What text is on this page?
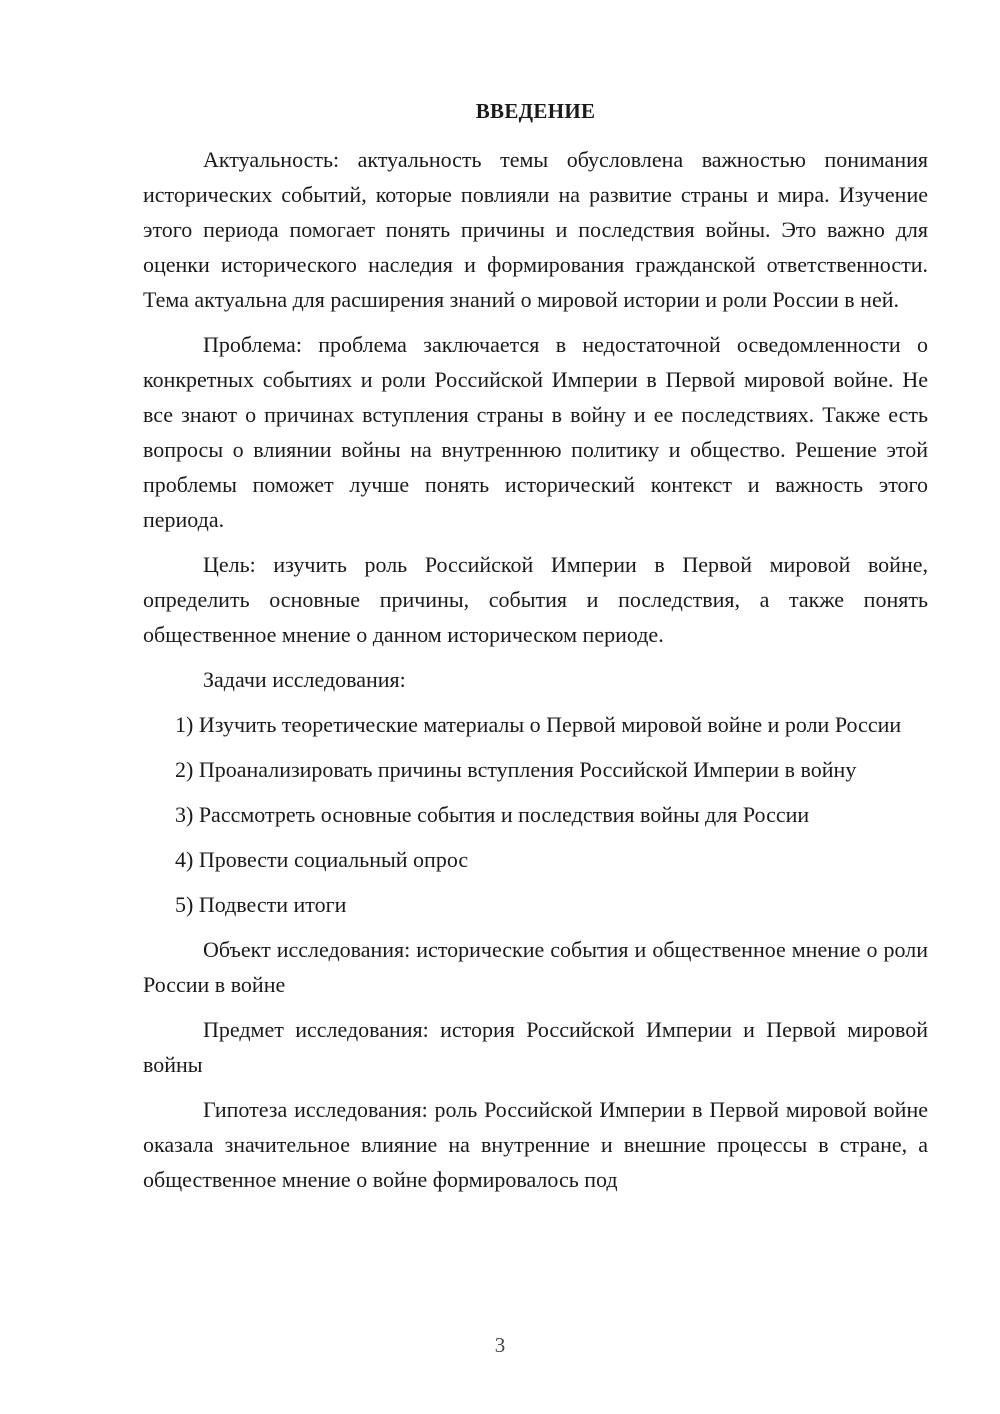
ВВЕДЕНИЕ

Актуальность: актуальность темы обусловлена важностью понимания исторических событий, которые повлияли на развитие страны и мира. Изучение этого периода помогает понять причины и последствия войны. Это важно для оценки исторического наследия и формирования гражданской ответственности. Тема актуальна для расширения знаний о мировой истории и роли России в ней.

Проблема: проблема заключается в недостаточной осведомленности о конкретных событиях и роли Российской Империи в Первой мировой войне. Не все знают о причинах вступления страны в войну и ее последствиях. Также есть вопросы о влиянии войны на внутреннюю политику и общество. Решение этой проблемы поможет лучше понять исторический контекст и важность этого периода.

Цель: изучить роль Российской Империи в Первой мировой войне, определить основные причины, события и последствия, а также понять общественное мнение о данном историческом периоде.

Задачи исследования:

1) Изучить теоретические материалы о Первой мировой войне и роли России

2) Проанализировать причины вступления Российской Империи в войну

3) Рассмотреть основные события и последствия войны для России

4) Провести социальный опрос

5) Подвести итоги

Объект исследования: исторические события и общественное мнение о роли России в войне

Предмет исследования: история Российской Империи и Первой мировой войны

Гипотеза исследования: роль Российской Империи в Первой мировой войне оказала значительное влияние на внутренние и внешние процессы в стране, а общественное мнение о войне формировалось под

3
